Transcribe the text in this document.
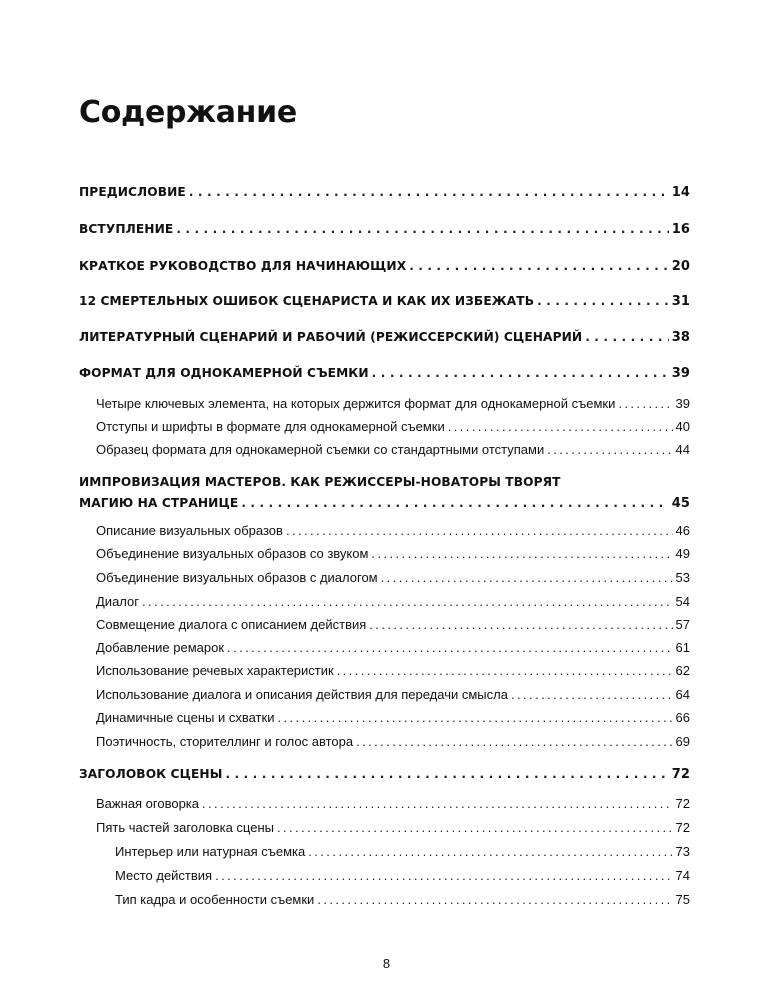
Содержание
ПРЕДИСЛОВИЕ . . .	14
ВСТУПЛЕНИЕ . . .	16
КРАТКОЕ РУКОВОДСТВО ДЛЯ НАЧИНАЮЩИХ . . .	20
12 СМЕРТЕЛЬНЫХ ОШИБОК СЦЕНАРИСТА И КАК ИХ ИЗБЕЖАТЬ . . .	31
ЛИТЕРАТУРНЫЙ СЦЕНАРИЙ И РАБОЧИЙ (РЕЖИССЕРСКИЙ) СЦЕНАРИЙ . . .	38
ФОРМАТ ДЛЯ ОДНОКАМЕРНОЙ СЪЕМКИ . . .	39
Четыре ключевых элемента, на которых держится формат для однокамерной съемки . . .	39
Отступы и шрифты в формате для однокамерной съемки . . .	40
Образец формата для однокамерной съемки со стандартными отступами . . .	44
ИМПРОВИЗАЦИЯ МАСТЕРОВ. КАК РЕЖИССЕРЫ-НОВАТОРЫ ТВОРЯТ
МАГИЮ НА СТРАНИЦЕ . . .	45
Описание визуальных образов . . .	46
Объединение визуальных образов со звуком . . .	49
Объединение визуальных образов с диалогом . . .	53
Диалог . . .	54
Совмещение диалога с описанием действия . . .	57
Добавление ремарок . . .	61
Использование речевых характеристик . . .	62
Использование диалога и описания действия для передачи смысла . . .	64
Динамичные сцены и схватки . . .	66
Поэтичность, сторителлинг и голос автора . . .	69
ЗАГОЛОВОК СЦЕНЫ . . .	72
Важная оговорка . . .	72
Пять частей заголовка сцены . . .	72
Интерьер или натурная съемка . . .	73
Место действия . . .	74
Тип кадра и особенности съемки . . .	75
8
